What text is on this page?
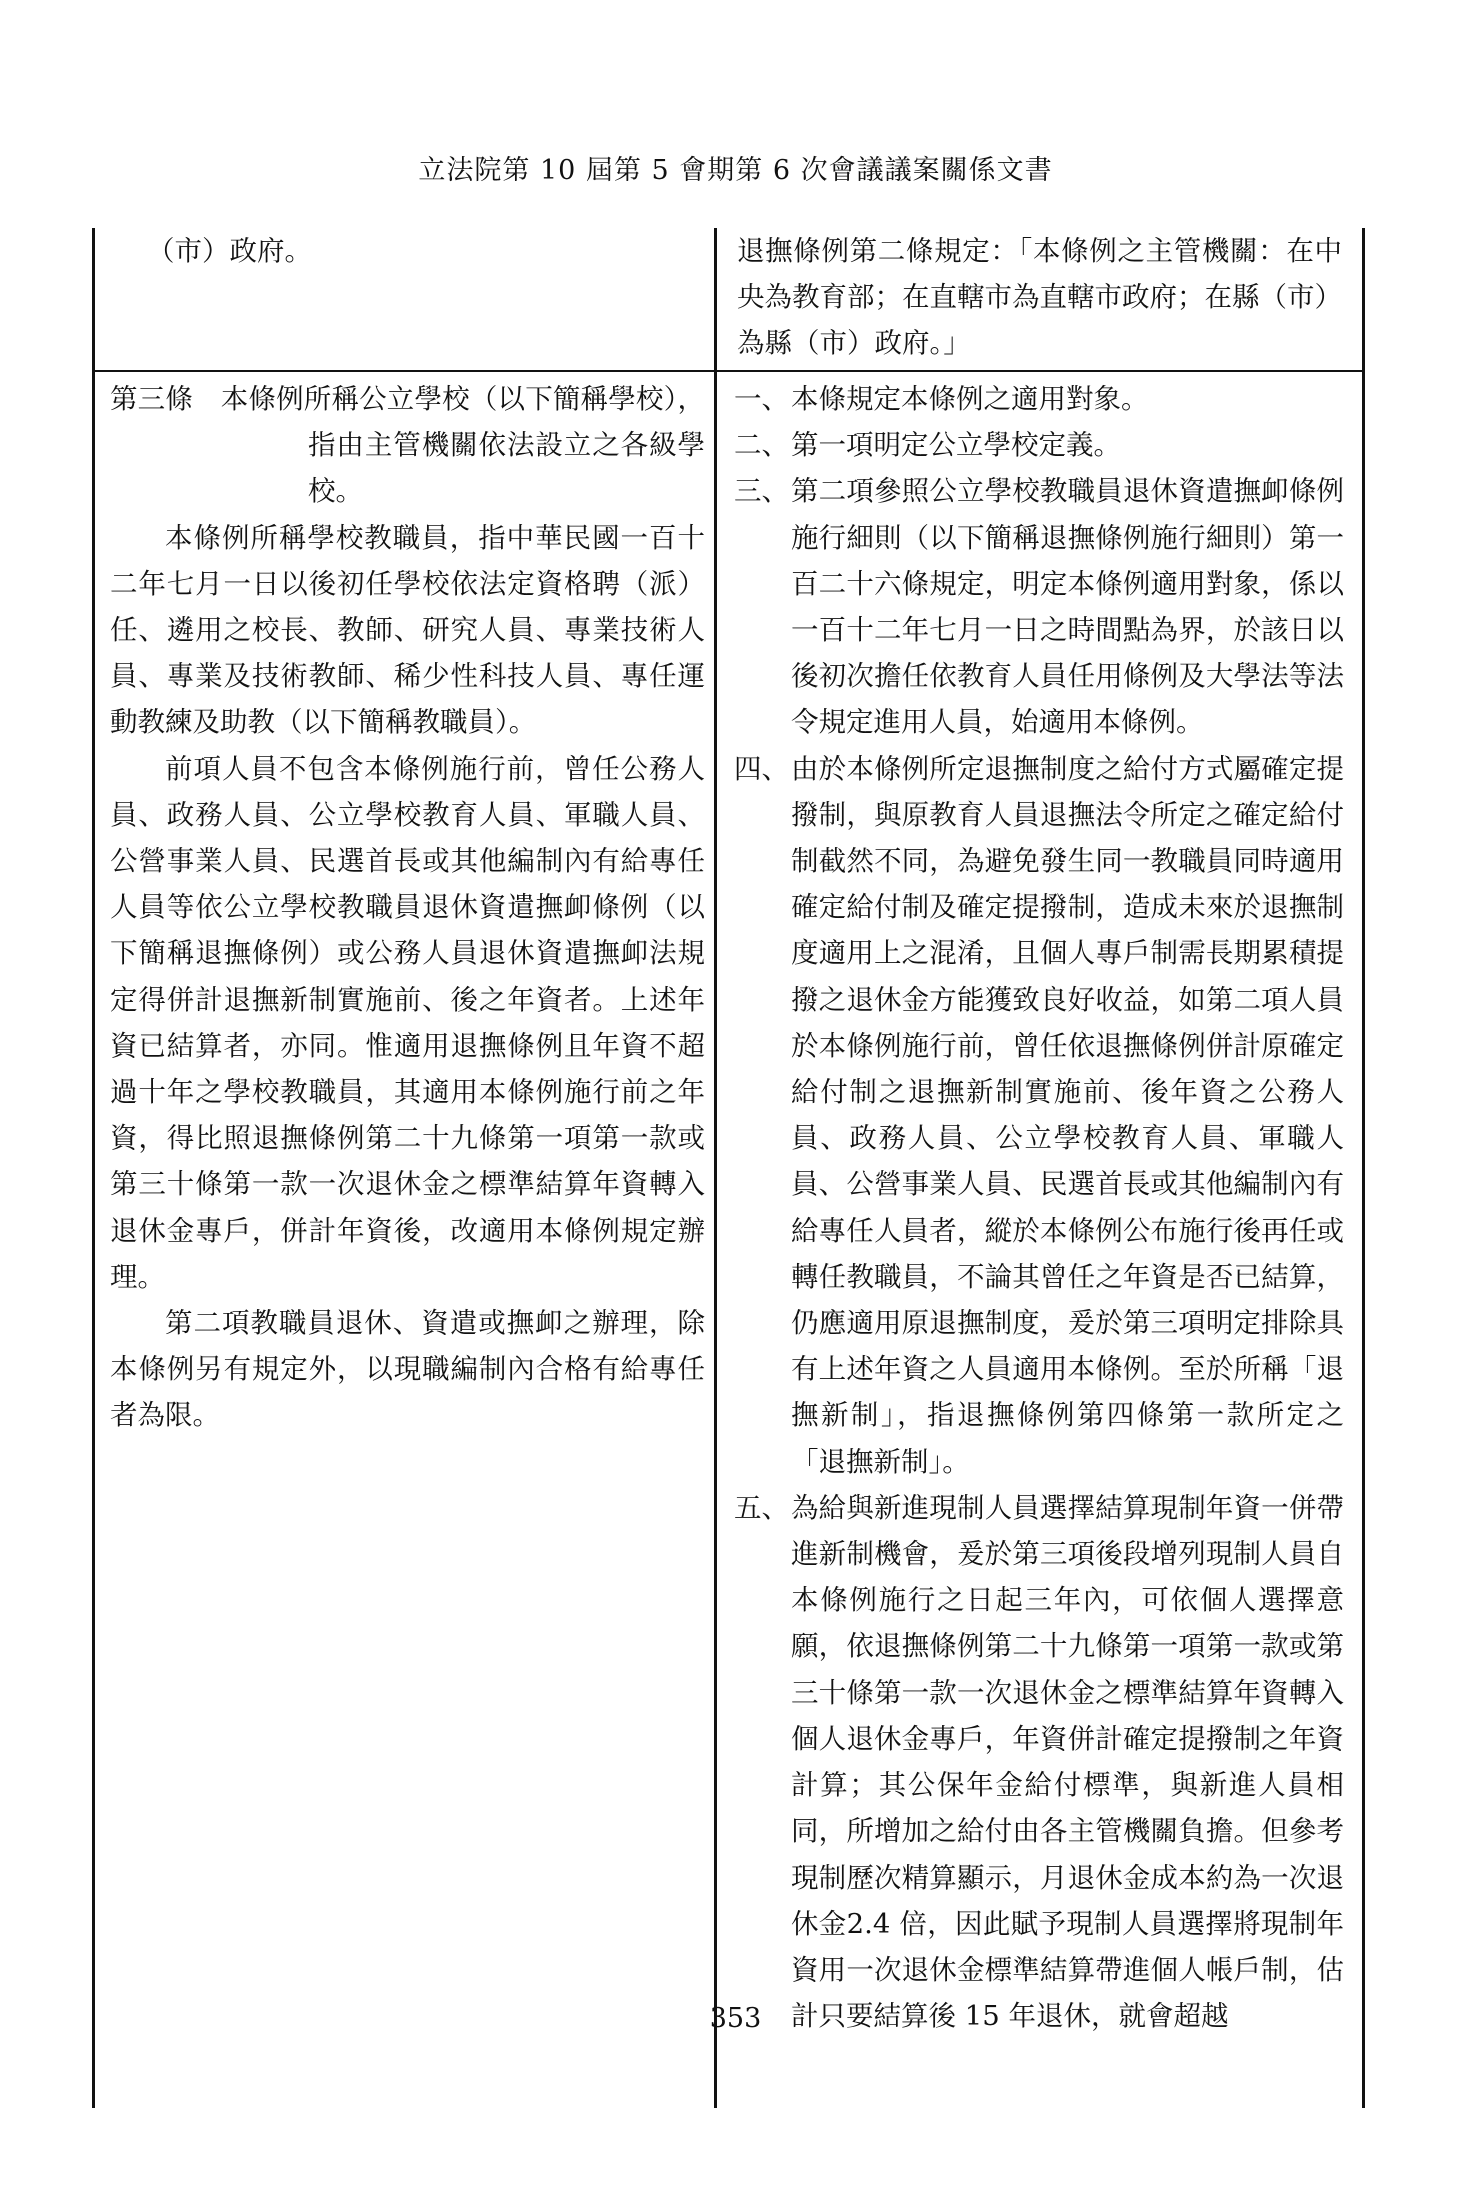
立法院第 10 屆第 5 會期第 6 次會議議案關係文書

（市）政府。	退撫條例第二條規定：「本條例之主管機關：在中央為教育部；在直轄市為直轄市政府；在縣（市）為縣（市）政府。」

第三條　 本條例所稱公立學校（以下簡稱學校），指由主管機關依法設立之各級學校。

本條例所稱學校教職員，指中華民國一百十二年七月一日以後初任學校依法定資格聘（派）任、遴用之校長、教師、研究人員、專業技術人員、專業及技術教師、稀少性科技人員、專任運動教練及助教（以下簡稱教職員）。

前項人員不包含本條例施行前，曾任公務人員、政務人員、公立學校教育人員、軍職人員、公營事業人員、民選首長或其他編制內有給專任人員等依公立學校教職員退休資遣撫卹條例（以下簡稱退撫條例）或公務人員退休資遣撫卹法規定得併計退撫新制實施前、後之年資者。上述年資已結算者，亦同。惟適用退撫條例且年資不超過十年之學校教職員，其適用本條例施行前之年資，得比照退撫條例第二十九條第一項第一款或第三十條第一款一次退休金之標準結算年資轉入退休金專戶，併計年資後，改適用本條例規定辦理。

第二項教職員退休、資遣或撫卹之辦理，除本條例另有規定外，以現職編制內合格有給專任者為限。

一、 本條規定本條例之適用對象。
二、 第一項明定公立學校定義。
三、 第二項參照公立學校教職員退休資遣撫卹條例施行細則（以下簡稱退撫條例施行細則）第一百二十六條規定，明定本條例適用對象，係以一百十二年七月一日之時間點為界，於該日以後初次擔任依教育人員任用條例及大學法等法令規定進用人員，始適用本條例。
四、 由於本條例所定退撫制度之給付方式屬確定提撥制，與原教育人員退撫法令所定之確定給付制截然不同，為避免發生同一教職員同時適用確定給付制及確定提撥制，造成未來於退撫制度適用上之混淆，且個人專戶制需長期累積提撥之退休金方能獲致良好收益，如第二項人員於本條例施行前，曾任依退撫條例併計原確定給付制之退撫新制實施前、後年資之公務人員、政務人員、公立學校教育人員、軍職人員、公營事業人員、民選首長或其他編制內有給專任人員者，縱於本條例公布施行後再任或轉任教職員，不論其曾任之年資是否已結算，仍應適用原退撫制度，爰於第三項明定排除具有上述年資之人員適用本條例。至於所稱「退撫新制」，指退撫條例第四條第一款所定之「退撫新制」。
五、 為給與新進現制人員選擇結算現制年資一併帶進新制機會，爰於第三項後段增列現制人員自本條例施行之日起三年內，可依個人選擇意願，依退撫條例第二十九條第一項第一款或第三十條第一款一次退休金之標準結算年資轉入個人退休金專戶，年資併計確定提撥制之年資計算；其公保年金給付標準，與新進人員相同，所增加之給付由各主管機關負擔。但參考現制歷次精算顯示，月退休金成本約為一次退休金2.4 倍，因此賦予現制人員選擇將現制年資用一次退休金標準結算帶進個人帳戶制，估計只要結算後 15 年退休，就會超越
353
